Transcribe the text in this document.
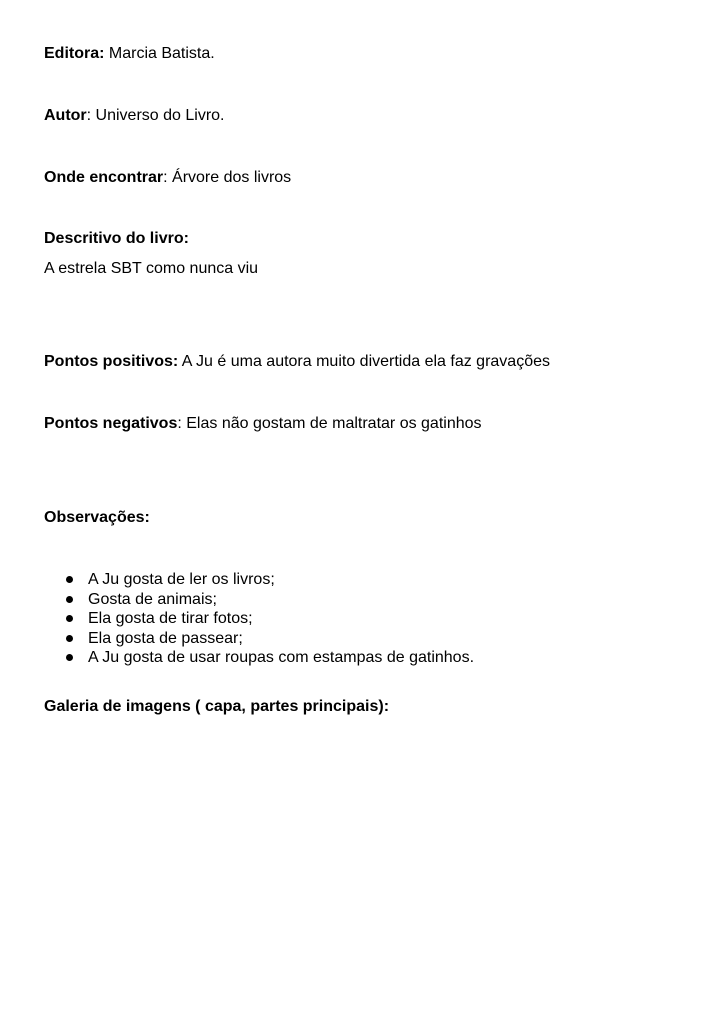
Editora: Marcia Batista.
Autor: Universo do Livro.
Onde encontrar: Árvore dos livros
Descritivo do livro:
A estrela SBT como nunca viu
Pontos positivos: A Ju é uma autora muito divertida ela faz gravações
Pontos negativos: Elas não gostam de maltratar os gatinhos
Observações:
A Ju gosta de ler os livros;
Gosta de animais;
Ela gosta de tirar fotos;
Ela gosta de passear;
A Ju gosta de usar roupas com estampas de gatinhos.
Galeria de imagens ( capa, partes principais):
